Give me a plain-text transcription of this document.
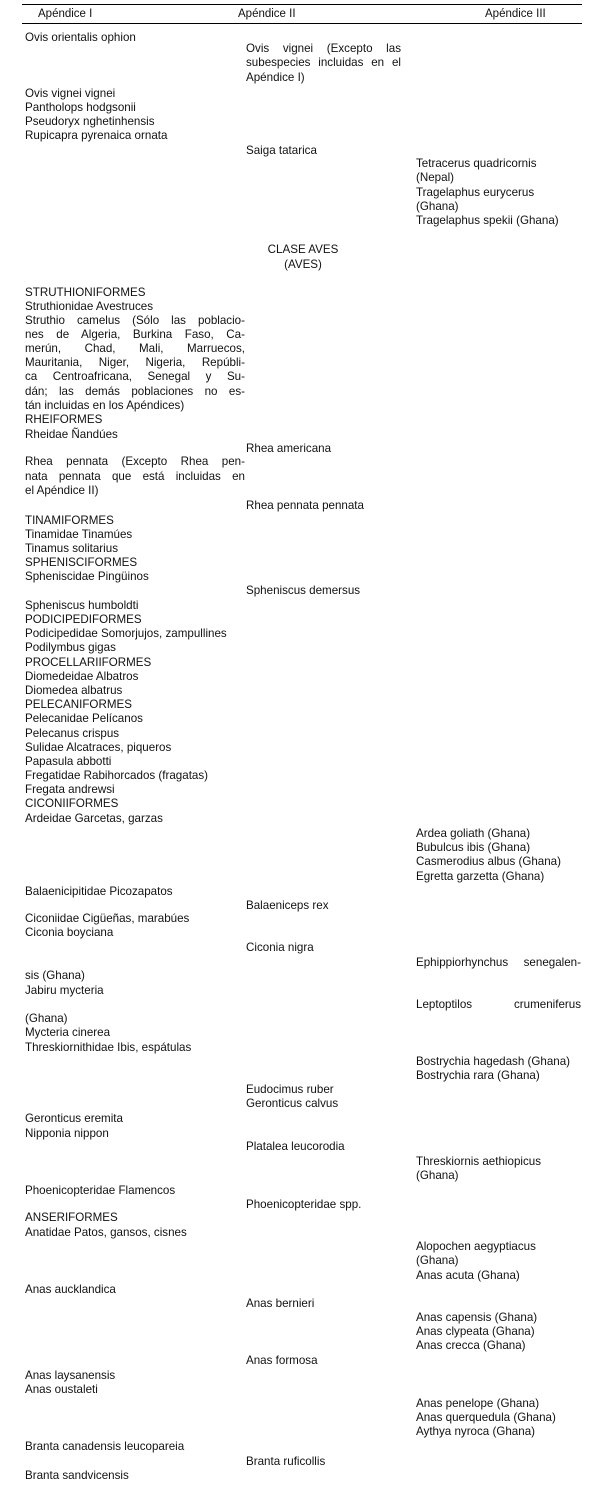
Apéndice I	Apéndice II	Apéndice III
Ovis orientalis ophion
Ovis vignei vignei
Pantholops hodgsonii
Pseudoryx nghetinhensis
Rupicapra pyrenaica ornata
STRUTHIONIFORMES
Struthionidae Avestruces
Struthio camelus (Sólo las poblacio-
nes de Algeria, Burkina Faso, Ca-
merún, Chad, Mali, Marruecos,
Mauritania, Niger, Nigeria, Repúbli-
ca Centroafricana, Senegal y Su-
dán; las demás poblaciones no es-
tán incluidas en los Apéndices)
RHEIFORMES
Rheidae Ñandúes
Rhea pennata (Excepto Rhea pen-
nata pennata que está incluidas en
el Apéndice II)
TINAMIFORMES
Tinamidae Tinamúes
Tinamus solitarius
SPHENISCIFORMES
Spheniscidae Pingüinos
Spheniscus humboldti
PODICIPEDIFORMES
Podicipedidae Somorjujos, zampullines
Podilymbus gigas
PROCELLARIIFORMES
Diomedeidae Albatros
Diomedea albatrus
PELECANIFORMES
Pelecanidae Pelícanos
Pelecanus crispus
Sulidae Alcatraces, piqueros
Papasula abbotti
Fregatidae Rabihorcados (fragatas)
Fregata andrewsi
CICONIIFORMES
Ardeidae Garcetas, garzas
Balaenicipitidae Picozapatos
Ciconiidae Cigüeñas, marabúes
Ciconia boyciana
sis (Ghana)
Jabiru mycteria
(Ghana)
Mycteria cinerea
Threskiornithidae Ibis, espátulas
Geronticus eremita
Nipponia nippon
Phoenicopteridae Flamencos
ANSERIFORMES
Anatidae Patos, gansos, cisnes
Anas aucklandica
Anas laysanensis
Anas oustaleti
Branta canadensis leucopareia
Branta sandvicensis
Ovis vignei (Excepto las
subespecies incluidas en el
Apéndice I)
Saiga tatarica
Rhea americana
Rhea pennata pennata
Spheniscus demersus
Balaeniceps rex
Ciconia nigra
Eudocimus ruber
Geronticus calvus
Platalea leucorodia
Phoenicopteridae spp.
Anas bernieri
Anas formosa
Branta ruficollis
Tetracerus quadricornis
(Nepal)
Tragelaphus eurycerus
(Ghana)
Tragelaphus spekii (Ghana)
Ardea goliath (Ghana)
Bubulcus ibis (Ghana)
Casmerodius albus (Ghana)
Egretta garzetta (Ghana)
Ephippiorhynchus senegalen-
Leptoptilos crumeniferus
Bostrychia hagedash (Ghana)
Bostrychia rara (Ghana)
Threskiornis aethiopicus
(Ghana)
Alopochen aegyptiacus
(Ghana)
Anas acuta (Ghana)
Anas capensis (Ghana)
Anas clypeata (Ghana)
Anas crecca (Ghana)
Anas penelope (Ghana)
Anas querquedula (Ghana)
Aythya nyroca (Ghana)
CLASE AVES
(AVES)
